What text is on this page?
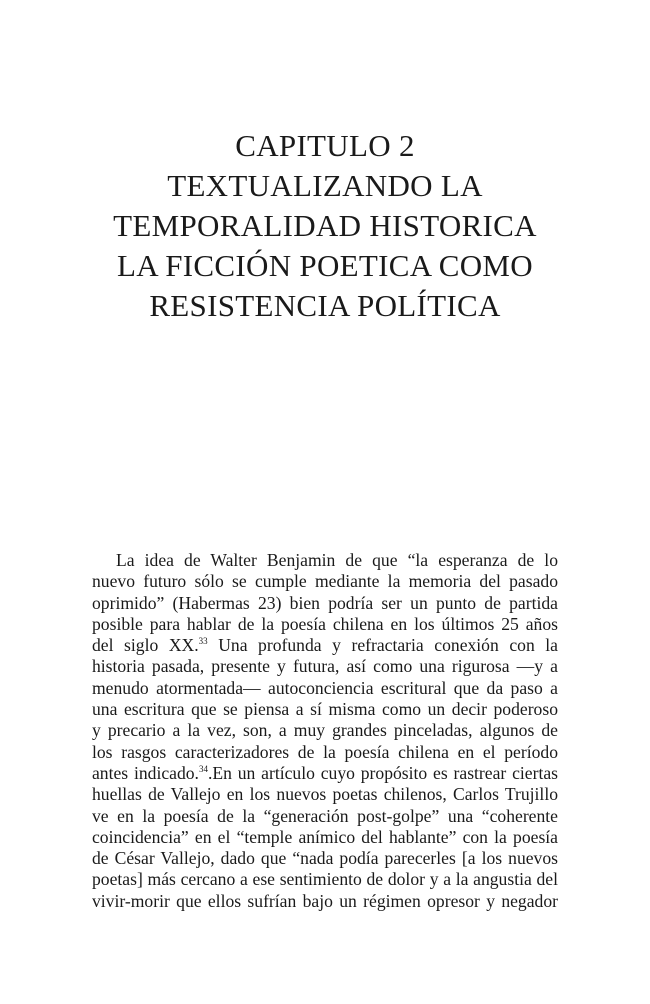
CAPITULO 2
TEXTUALIZANDO LA
TEMPORALIDAD HISTORICA
LA FICCIÓN POETICA COMO
RESISTENCIA POLÍTICA
La idea de Walter Benjamin de que “la esperanza de lo
nuevo futuro sólo se cumple mediante la memoria del pasado
oprimido” (Habermas 23) bien podría ser un punto de partida
posible para hablar de la poesía chilena en los últimos 25 años
del siglo XX.$^{33}$ Una profunda y refractaria conexión con la
historia pasada, presente y futura, así como una rigurosa —y a
menudo atormentada— autoconciencia escritural que da paso a
una escritura que se piensa a sí misma como un decir poderoso
y precario a la vez, son, a muy grandes pinceladas, algunos de
los rasgos caracterizadores de la poesía chilena en el período
antes indicado.$^{34}$.En un artículo cuyo propósito es rastrear ciertas
huellas de Vallejo en los nuevos poetas chilenos, Carlos Trujillo
ve en la poesía de la “generación post-golpe” una “coherente
coincidencia” en el “temple anímico del hablante” con la poesía
de César Vallejo, dado que “nada podía parecerles [a los nuevos
poetas] más cercano a ese sentimiento de dolor y a la angustia del
vivir-morir que ellos sufrían bajo un régimen opresor y negador
